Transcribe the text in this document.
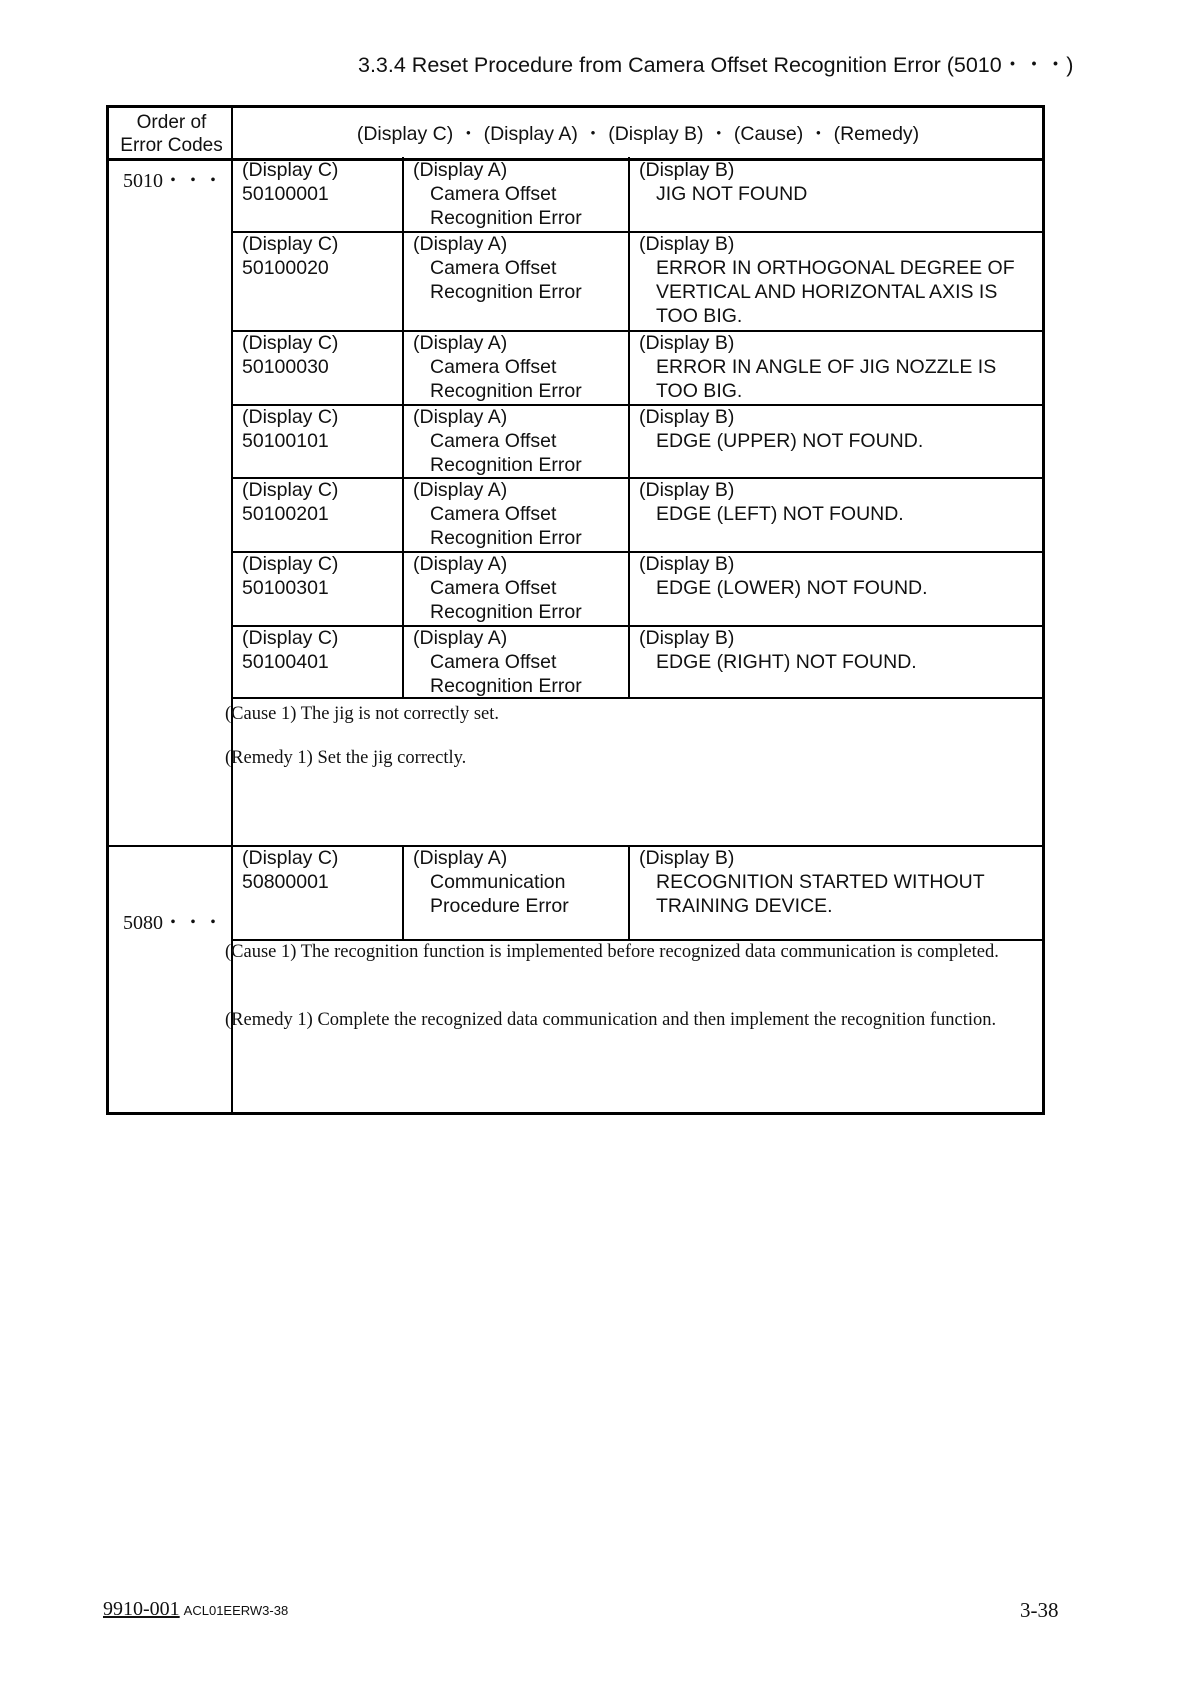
3.3.4 Reset Procedure from Camera Offset Recognition Error (5010・・・)
Order of
Error Codes
(Display C) ・ (Display A) ・ (Display B) ・ (Cause) ・ (Remedy)
(Display C)
50100001
(Display A)
Camera Offset
Recognition Error
(Display B)
JIG NOT FOUND
(Display C)
50100020
(Display A)
Camera Offset
Recognition Error
(Display B)
ERROR IN ORTHOGONAL DEGREE OF
VERTICAL AND HORIZONTAL AXIS IS
TOO BIG.
(Display C)
50100030
(Display A)
Camera Offset
Recognition Error
(Display B)
ERROR IN ANGLE OF JIG NOZZLE IS
TOO BIG.
(Display C)
50100101
(Display A)
Camera Offset
Recognition Error
(Display B)
EDGE (UPPER) NOT FOUND.
(Display C)
50100201
(Display A)
Camera Offset
Recognition Error
(Display B)
EDGE (LEFT) NOT FOUND.
(Display C)
50100301
(Display A)
Camera Offset
Recognition Error
(Display B)
EDGE (LOWER) NOT FOUND.
(Display C)
50100401
(Display A)
Camera Offset
Recognition Error
(Display B)
EDGE (RIGHT) NOT FOUND.
(Display C)
50800001
(Display A)
Communication
Procedure Error
(Display B)
RECOGNITION STARTED WITHOUT
TRAINING DEVICE.
5010・・・
5080・・・
(Cause 1) The jig is not correctly set.
(Remedy 1) Set the jig correctly.
(Cause 1) The recognition function is implemented before recognized data communication is completed.
(Remedy 1) Complete the recognized data communication and then implement the recognition function.
9910-001 ACL01EERW3-38	3-38
